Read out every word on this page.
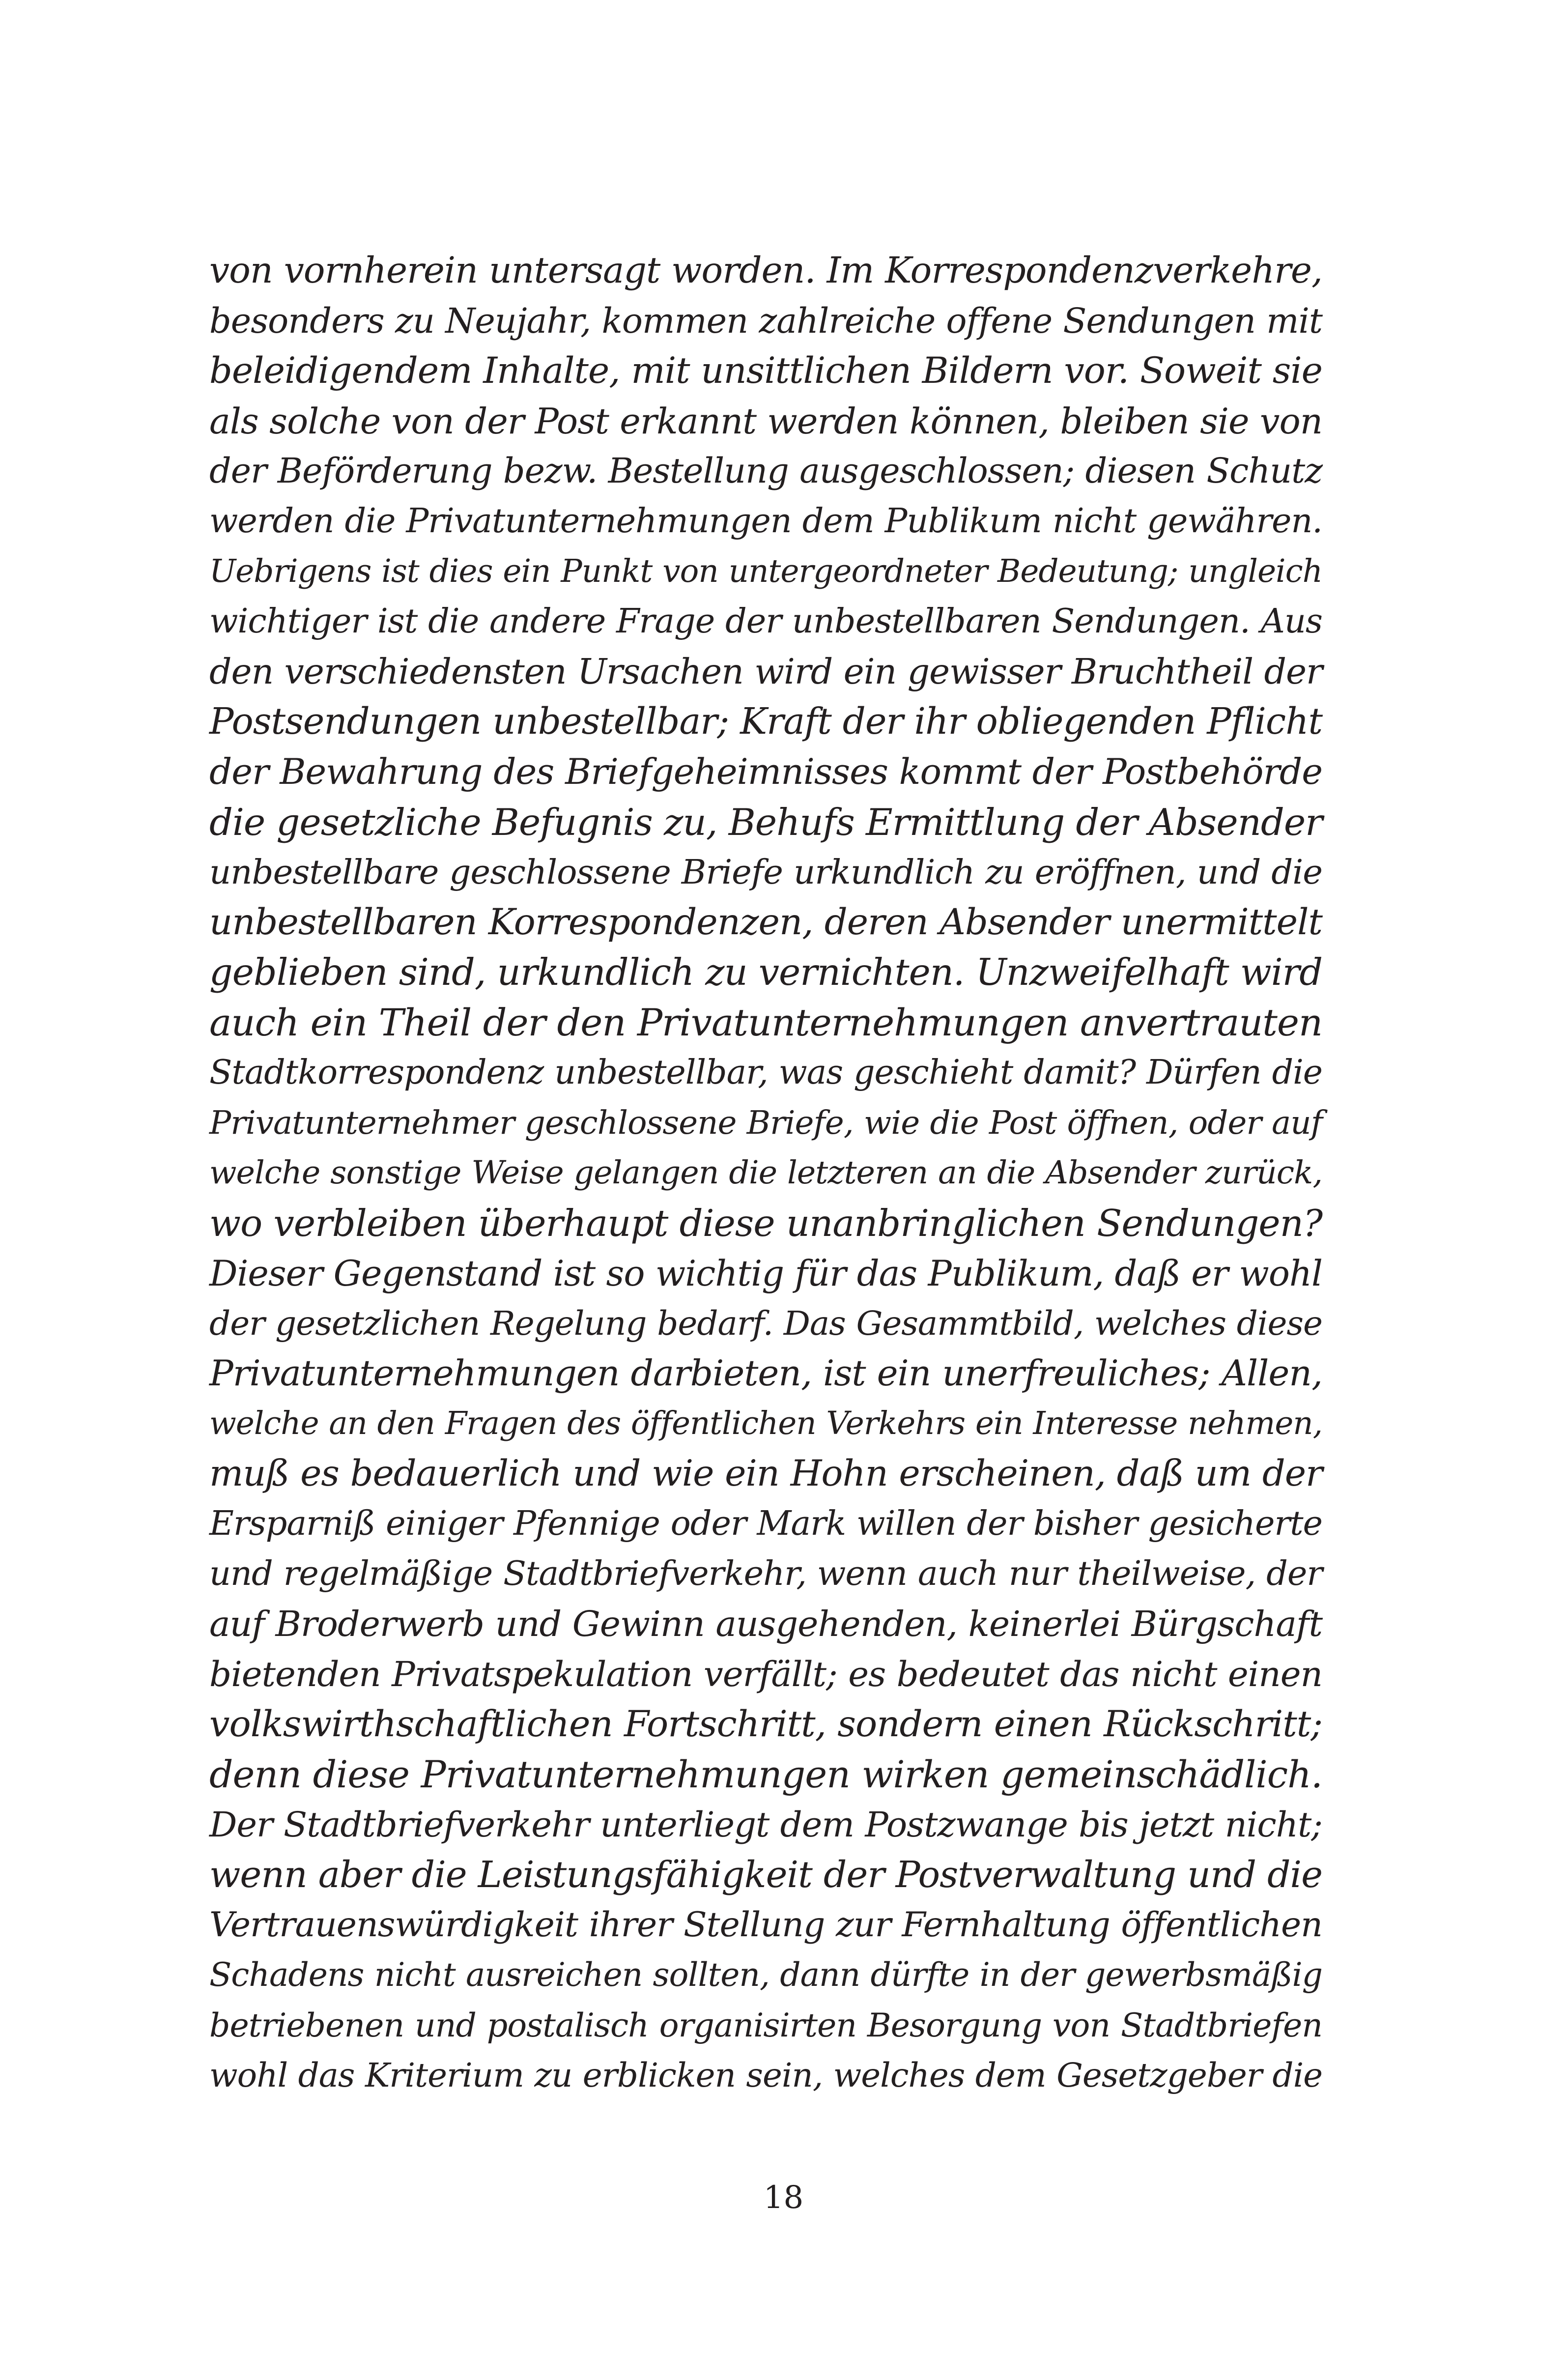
von vornherein untersagt worden. Im Korrespondenzverkehre,
besonders zu Neujahr, kommen zahlreiche offene Sendungen mit
beleidigendem Inhalte, mit unsittlichen Bildern vor. Soweit sie
als solche von der Post erkannt werden können, bleiben sie von
der Beförderung bezw. Bestellung ausgeschlossen; diesen Schutz
werden die Privatunternehmungen dem Publikum nicht gewähren.
Uebrigens ist dies ein Punkt von untergeordneter Bedeutung; ungleich
wichtiger ist die andere Frage der unbestellbaren Sendungen. Aus
den verschiedensten Ursachen wird ein gewisser Bruchtheil der
Postsendungen unbestellbar; Kraft der ihr obliegenden Pflicht
der Bewahrung des Briefgeheimnisses kommt der Postbehörde
die gesetzliche Befugnis zu, Behufs Ermittlung der Absender
unbestellbare geschlossene Briefe urkundlich zu eröffnen, und die
unbestellbaren Korrespondenzen, deren Absender unermittelt
geblieben sind, urkundlich zu vernichten. Unzweifelhaft wird
auch ein Theil der den Privatunternehmungen anvertrauten
Stadtkorrespondenz unbestellbar, was geschieht damit? Dürfen die
Privatunternehmer geschlossene Briefe, wie die Post öffnen, oder auf
welche sonstige Weise gelangen die letzteren an die Absender zurück,
wo verbleiben überhaupt diese unanbringlichen Sendungen?
Dieser Gegenstand ist so wichtig für das Publikum, daß er wohl
der gesetzlichen Regelung bedarf. Das Gesammtbild, welches diese
Privatunternehmungen darbieten, ist ein unerfreuliches; Allen,
welche an den Fragen des öffentlichen Verkehrs ein Interesse nehmen,
muß es bedauerlich und wie ein Hohn erscheinen, daß um der
Ersparniß einiger Pfennige oder Mark willen der bisher gesicherte
und regelmäßige Stadtbriefverkehr, wenn auch nur theilweise, der
auf Broderwerb und Gewinn ausgehenden, keinerlei Bürgschaft
bietenden Privatspekulation verfällt; es bedeutet das nicht einen
volkswirthschaftlichen Fortschritt, sondern einen Rückschritt;
denn diese Privatunternehmungen wirken gemeinschädlich.
Der Stadtbriefverkehr unterliegt dem Postzwange bis jetzt nicht;
wenn aber die Leistungsfähigkeit der Postverwaltung und die
Vertrauenswürdigkeit ihrer Stellung zur Fernhaltung öffentlichen
Schadens nicht ausreichen sollten, dann dürfte in der gewerbsmäßig
betriebenen und postalisch organisirten Besorgung von Stadtbriefen
wohl das Kriterium zu erblicken sein, welches dem Gesetzgeber die
18
